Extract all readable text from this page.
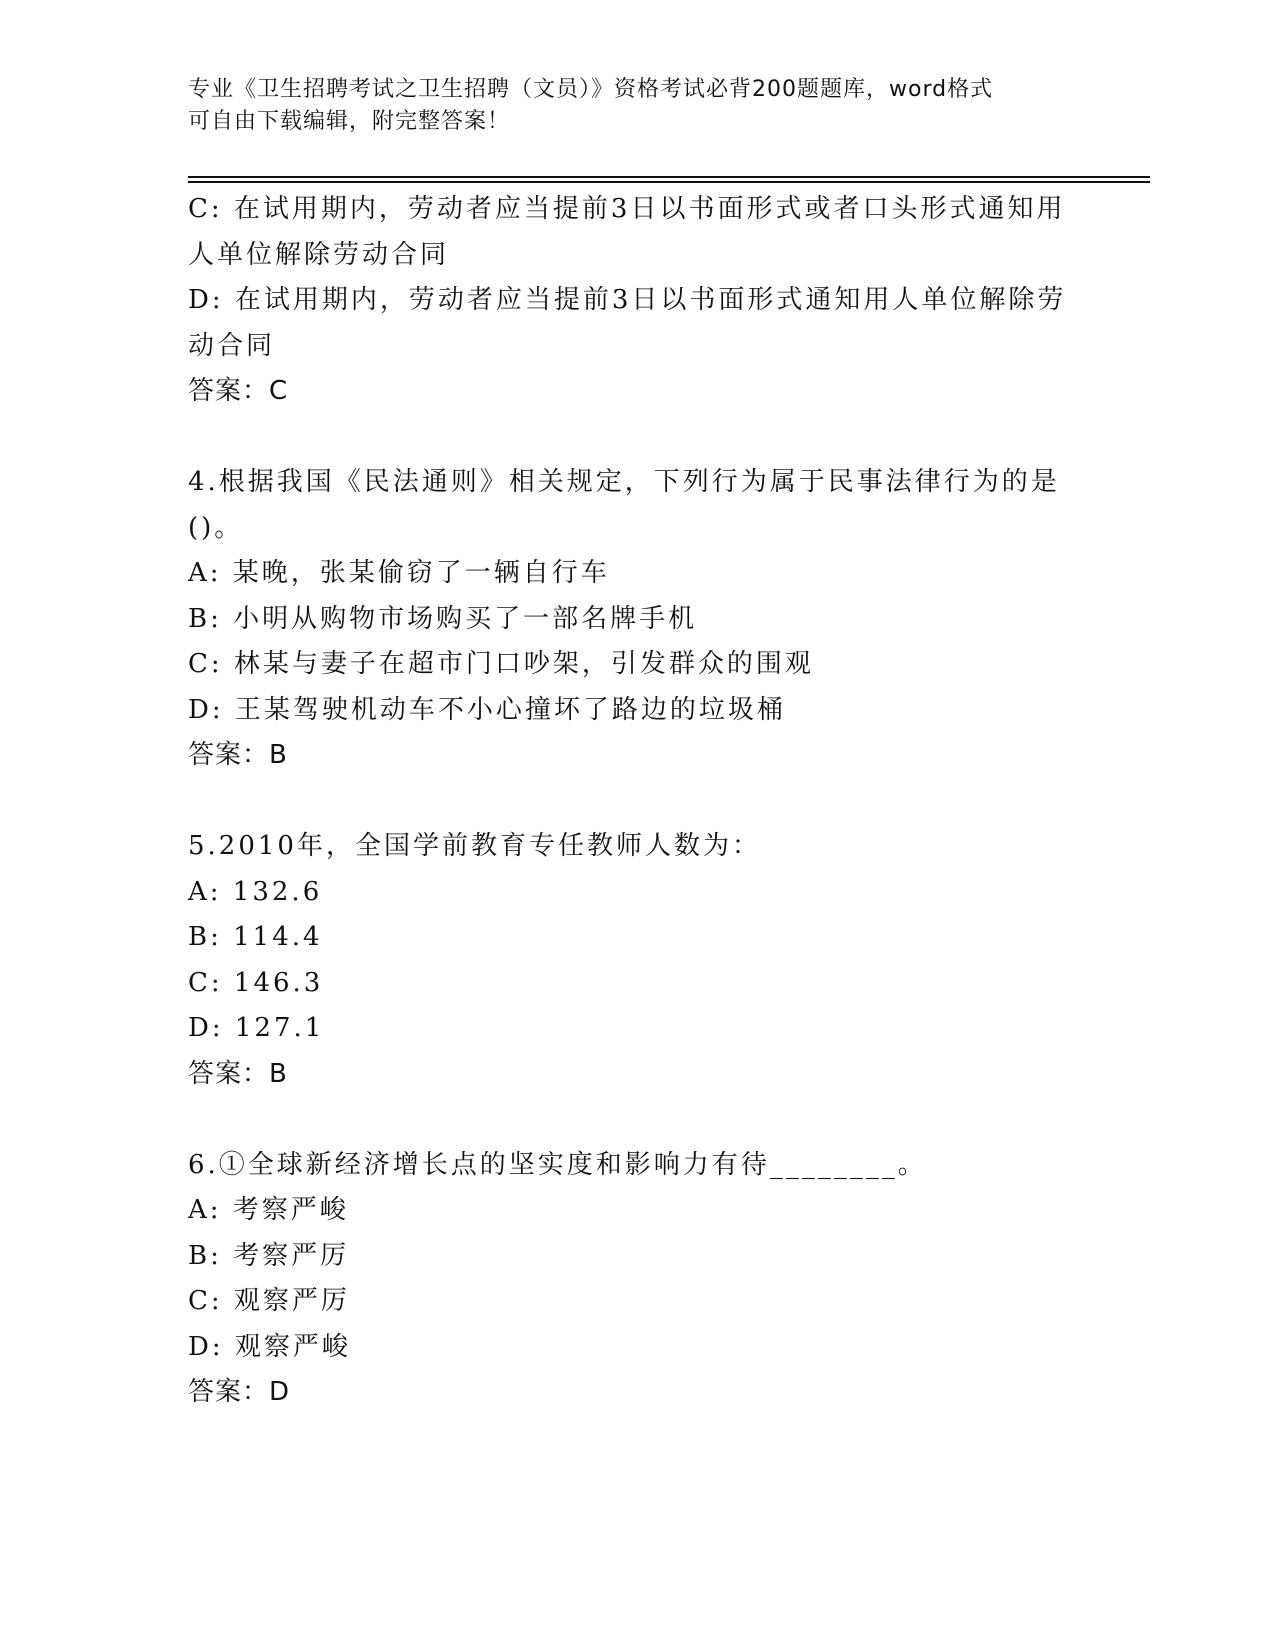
专业《卫生招聘考试之卫生招聘（文员）》资格考试必背200题题库，word格式
可自由下载编辑，附完整答案！
C: 在试用期内，劳动者应当提前3日以书面形式或者口头形式通知用
人单位解除劳动合同
D: 在试用期内，劳动者应当提前3日以书面形式通知用人单位解除劳
动合同
答案：C
4.根据我国《民法通则》相关规定，下列行为属于民事法律行为的是
()。
A: 某晚，张某偷窃了一辆自行车
B: 小明从购物市场购买了一部名牌手机
C: 林某与妻子在超市门口吵架，引发群众的围观
D: 王某驾驶机动车不小心撞坏了路边的垃圾桶
答案：B
5.2010年，全国学前教育专任教师人数为：
A: 132.6
B: 114.4
C: 146.3
D: 127.1
答案：B
6.①全球新经济增长点的坚实度和影响力有待________。
A: 考察严峻
B: 考察严厉
C: 观察严厉
D: 观察严峻
答案：D
